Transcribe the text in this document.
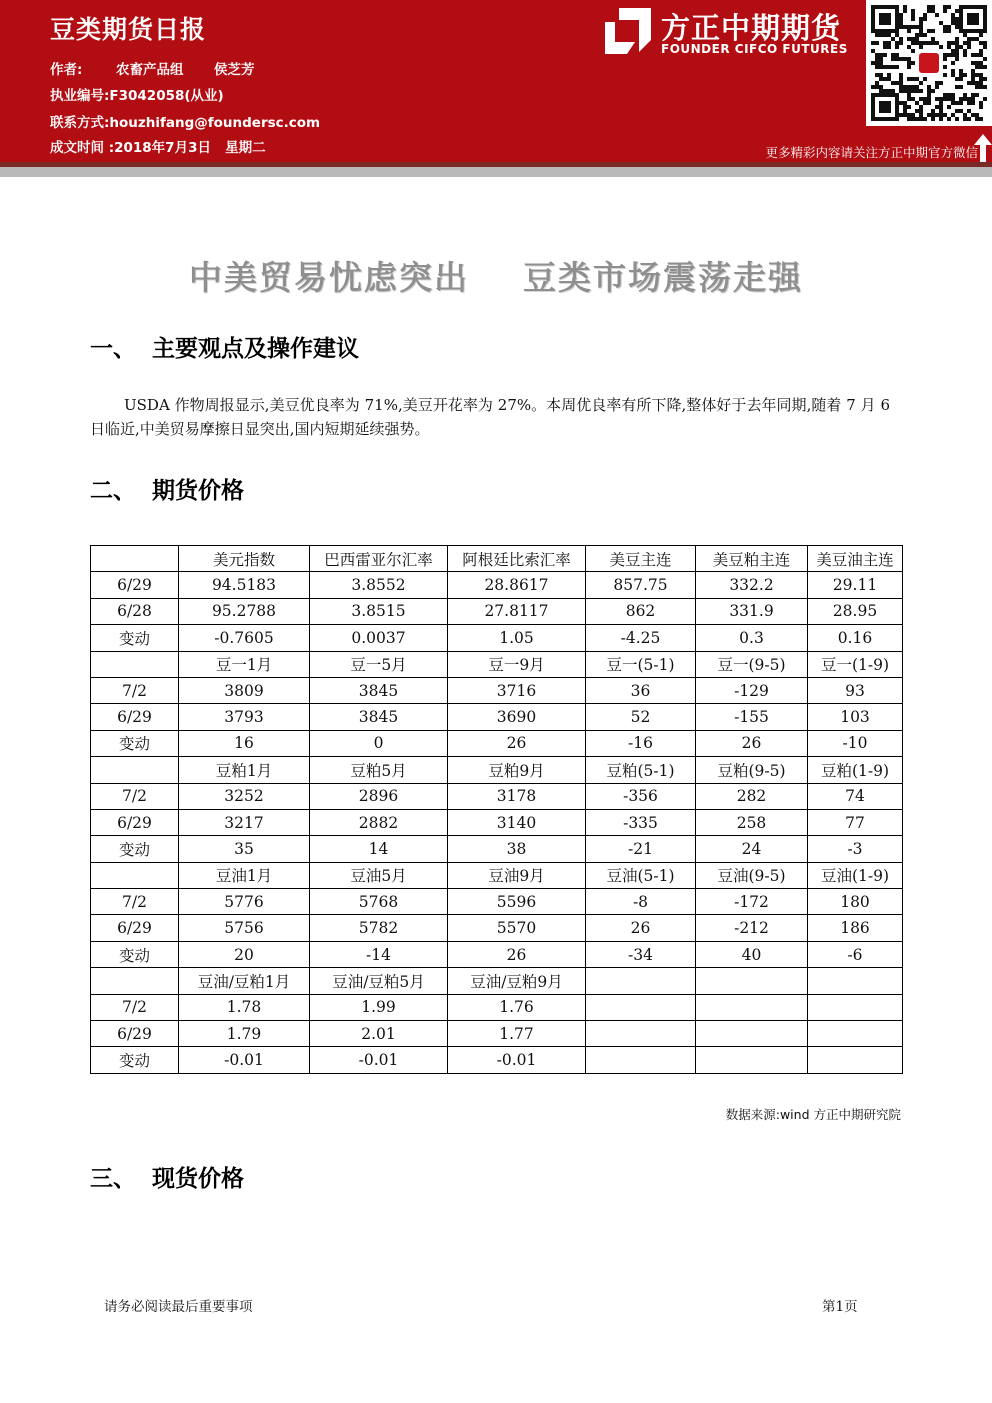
豆类期货日报
作者: 农畜产品组 侯芝芳
执业编号:F3042058(从业)
联系方式:houzhifang@foundersc.com
成文时间 :2018年7月3日 星期二
方正中期期货
FOUNDER CIFCO FUTURES
更多精彩内容请关注方正中期官方微信
中美贸易忧虑突出    豆类市场震荡走强
一、 主要观点及操作建议
USDA 作物周报显示,美豆优良率为 71%,美豆开花率为 27%。本周优良率有所下降,整体好于去年同期,随着 7 月 6 日临近,中美贸易摩擦日显突出,国内短期延续强势。
二、 期货价格
	美元指数	巴西雷亚尔汇率	阿根廷比索汇率	美豆主连	美豆粕主连	美豆油主连
6/29	94.5183	3.8552	28.8617	857.75	332.2	29.11
6/28	95.2788	3.8515	27.8117	862	331.9	28.95
变动	-0.7605	0.0037	1.05	-4.25	0.3	0.16
	豆一1月	豆一5月	豆一9月	豆一(5-1)	豆一(9-5)	豆一(1-9)
7/2	3809	3845	3716	36	-129	93
6/29	3793	3845	3690	52	-155	103
变动	16	0	26	-16	26	-10
	豆粕1月	豆粕5月	豆粕9月	豆粕(5-1)	豆粕(9-5)	豆粕(1-9)
7/2	3252	2896	3178	-356	282	74
6/29	3217	2882	3140	-335	258	77
变动	35	14	38	-21	24	-3
	豆油1月	豆油5月	豆油9月	豆油(5-1)	豆油(9-5)	豆油(1-9)
7/2	5776	5768	5596	-8	-172	180
6/29	5756	5782	5570	26	-212	186
变动	20	-14	26	-34	40	-6
	豆油/豆粕1月	豆油/豆粕5月	豆油/豆粕9月			
7/2	1.78	1.99	1.76			
6/29	1.79	2.01	1.77			
变动	-0.01	-0.01	-0.01			
数据来源:wind 方正中期研究院
三、 现货价格
请务必阅读最后重要事项	第1页
